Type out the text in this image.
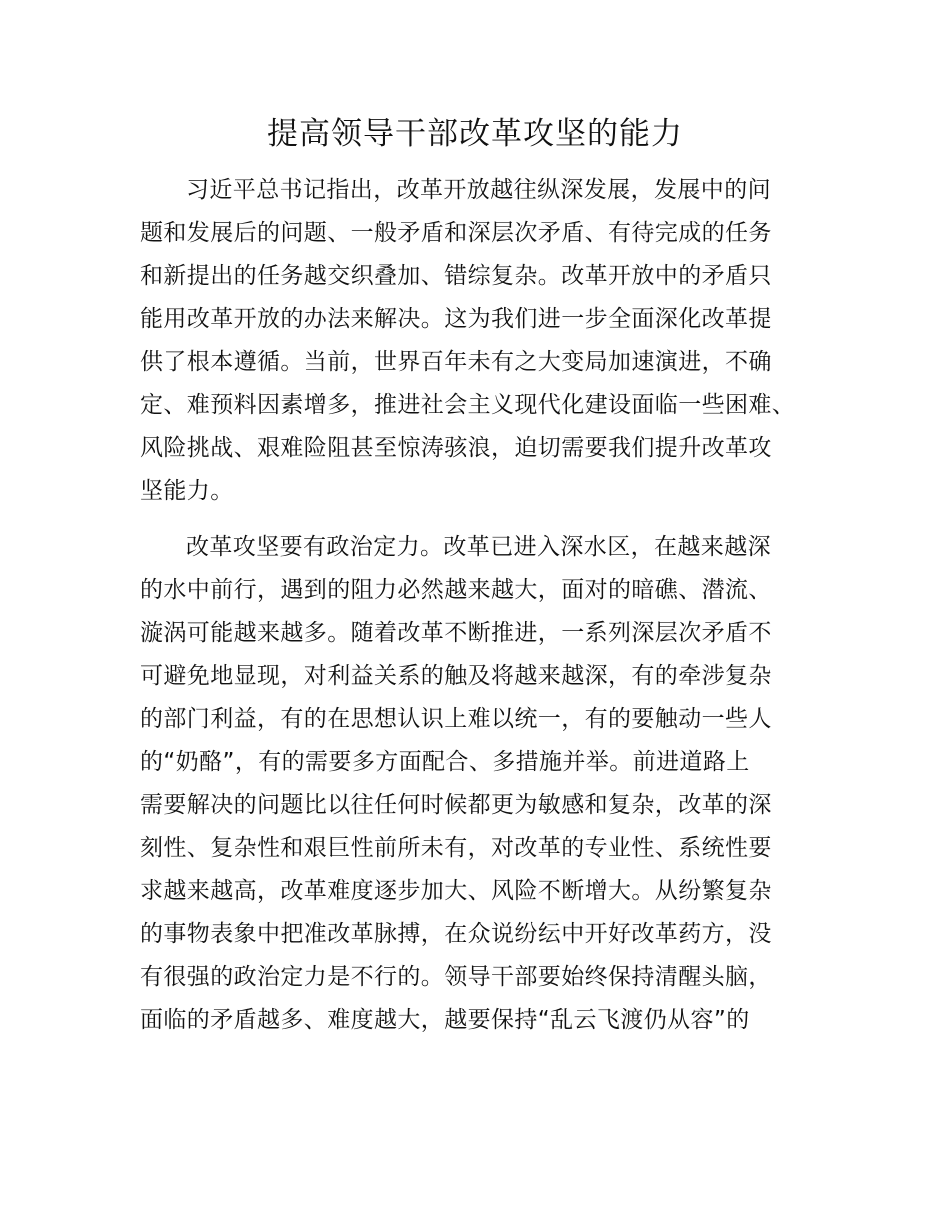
提高领导干部改革攻坚的能力
习近平总书记指出，改革开放越往纵深发展，发展中的问
题和发展后的问题、一般矛盾和深层次矛盾、有待完成的任务
和新提出的任务越交织叠加、错综复杂。改革开放中的矛盾只
能用改革开放的办法来解决。这为我们进一步全面深化改革提
供了根本遵循。当前，世界百年未有之大变局加速演进，不确
定、难预料因素增多，推进社会主义现代化建设面临一些困难、
风险挑战、艰难险阻甚至惊涛骇浪，迫切需要我们提升改革攻
坚能力。
改革攻坚要有政治定力。改革已进入深水区，在越来越深
的水中前行，遇到的阻力必然越来越大，面对的暗礁、潜流、
漩涡可能越来越多。随着改革不断推进，一系列深层次矛盾不
可避免地显现，对利益关系的触及将越来越深，有的牵涉复杂
的部门利益，有的在思想认识上难以统一，有的要触动一些人
的“奶酪”，有的需要多方面配合、多措施并举。前进道路上
需要解决的问题比以往任何时候都更为敏感和复杂，改革的深
刻性、复杂性和艰巨性前所未有，对改革的专业性、系统性要
求越来越高，改革难度逐步加大、风险不断增大。从纷繁复杂
的事物表象中把准改革脉搏，在众说纷纭中开好改革药方，没
有很强的政治定力是不行的。领导干部要始终保持清醒头脑，
面临的矛盾越多、难度越大，越要保持“乱云飞渡仍从容”的
